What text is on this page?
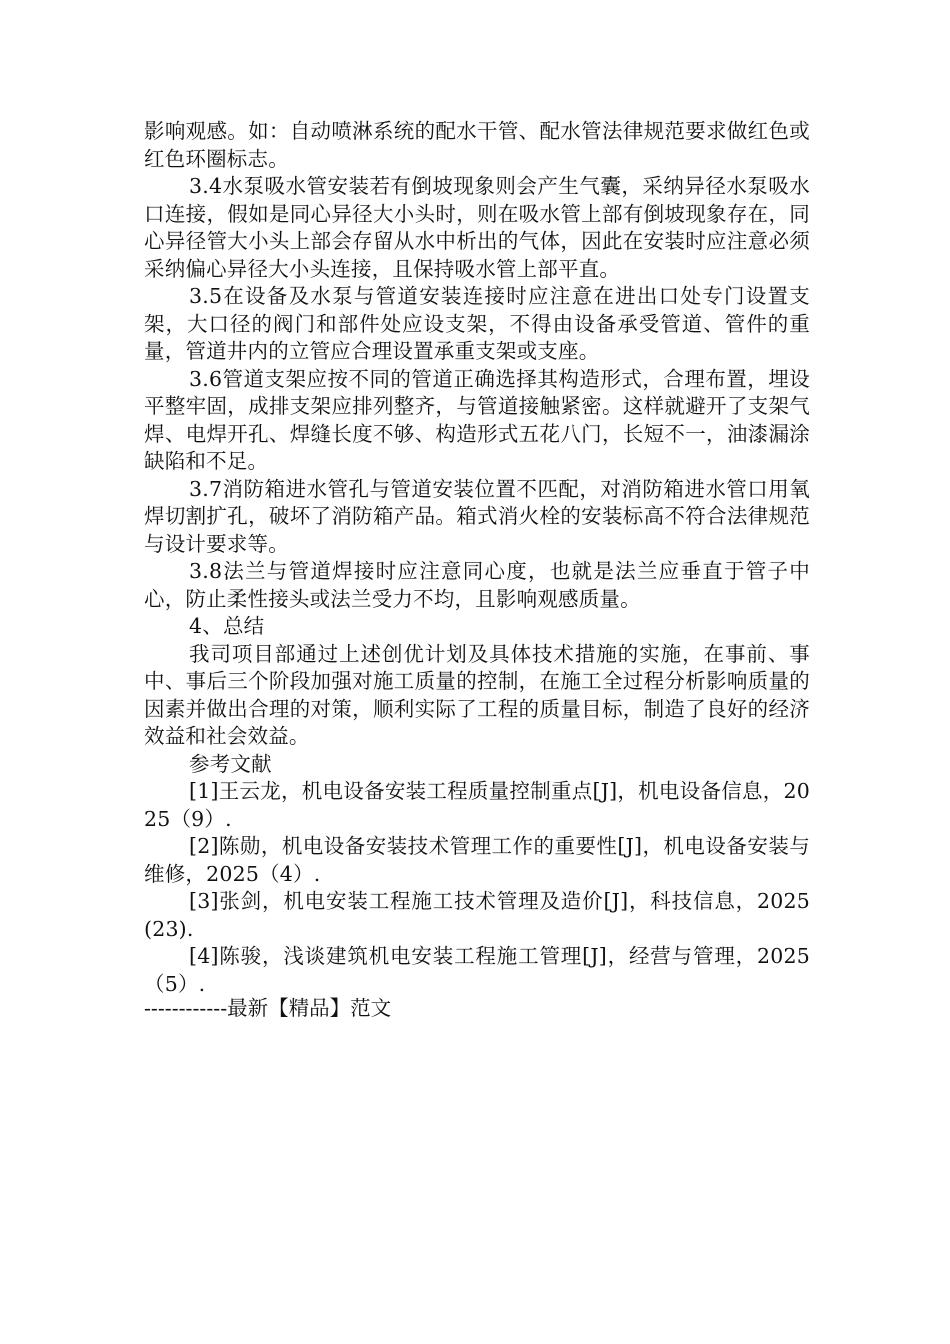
影响观感。如：自动喷淋系统的配水干管、配水管法律规范要求做红色或红色环圈标志。

3.4水泵吸水管安装若有倒坡现象则会产生气囊，采纳异径水泵吸水口连接，假如是同心异径大小头时，则在吸水管上部有倒坡现象存在，同心异径管大小头上部会存留从水中析出的气体，因此在安装时应注意必须采纳偏心异径大小头连接，且保持吸水管上部平直。

3.5在设备及水泵与管道安装连接时应注意在进出口处专门设置支架，大口径的阀门和部件处应设支架，不得由设备承受管道、管件的重量，管道井内的立管应合理设置承重支架或支座。

3.6管道支架应按不同的管道正确选择其构造形式，合理布置，埋设平整牢固，成排支架应排列整齐，与管道接触紧密。这样就避开了支架气焊、电焊开孔、焊缝长度不够、构造形式五花八门，长短不一，油漆漏涂缺陷和不足。

3.7消防箱进水管孔与管道安装位置不匹配，对消防箱进水管口用氧焊切割扩孔，破坏了消防箱产品。箱式消火栓的安装标高不符合法律规范与设计要求等。

3.8法兰与管道焊接时应注意同心度，也就是法兰应垂直于管子中心，防止柔性接头或法兰受力不均，且影响观感质量。

4、总结

我司项目部通过上述创优计划及具体技术措施的实施，在事前、事中、事后三个阶段加强对施工质量的控制，在施工全过程分析影响质量的因素并做出合理的对策，顺利实际了工程的质量目标，制造了良好的经济效益和社会效益。

参考文献

[1]王云龙，机电设备安装工程质量控制重点[J]，机电设备信息，2025（9）.

[2]陈勋，机电设备安装技术管理工作的重要性[J]，机电设备安装与维修，2025（4）.

[3]张剑，机电安装工程施工技术管理及造价[J]，科技信息，2025(23).

[4]陈骏，浅谈建筑机电安装工程施工管理[J]，经营与管理，2025（5）.

------------最新【精品】范文
